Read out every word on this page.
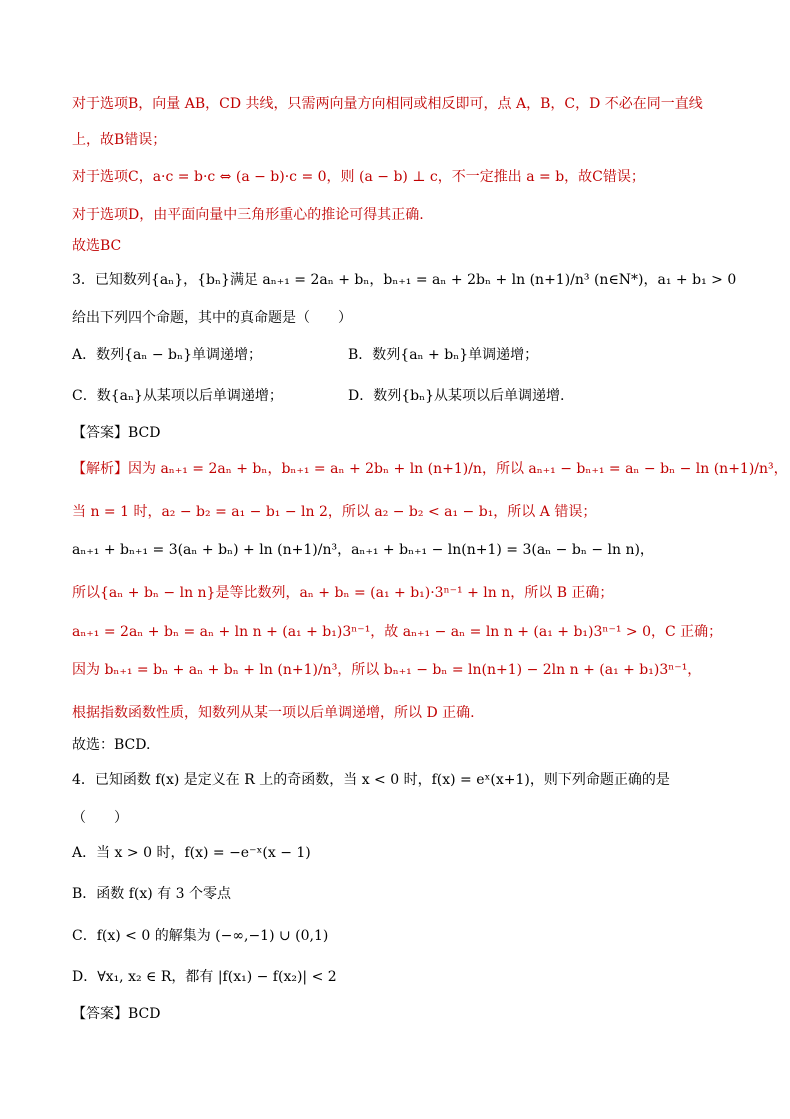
对于选项B，向量 AB，CD 共线，只需两向量方向相同或相反即可，点 A，B，C，D 不必在同一直线
上，故B错误；
对于选项C，a·c = b·c ⇔ (a − b)·c = 0，则 (a − b) ⊥ c，不一定推出 a = b，故C错误；
对于选项D，由平面向量中三角形重心的推论可得其正确.
故选BC
3．已知数列{aₙ}，{bₙ}满足 aₙ₊₁ = 2aₙ + bₙ，bₙ₊₁ = aₙ + 2bₙ + ln (n+1)/n³ (n∈N*)，a₁ + b₁ > 0
给出下列四个命题，其中的真命题是（　　）
A．数列{aₙ − bₙ}单调递增；	B．数列{aₙ + bₙ}单调递增；
C．数{aₙ}从某项以后单调递增；	D．数列{bₙ}从某项以后单调递增.
【答案】BCD
【解析】因为 aₙ₊₁ = 2aₙ + bₙ，bₙ₊₁ = aₙ + 2bₙ + ln (n+1)/n，所以 aₙ₊₁ − bₙ₊₁ = aₙ − bₙ − ln (n+1)/n³，
当 n = 1 时，a₂ − b₂ = a₁ − b₁ − ln 2，所以 a₂ − b₂ < a₁ − b₁，所以 A 错误；
aₙ₊₁ + bₙ₊₁ = 3(aₙ + bₙ) + ln (n+1)/n³，aₙ₊₁ + bₙ₊₁ − ln(n+1) = 3(aₙ − bₙ − ln n)，
所以{aₙ + bₙ − ln n}是等比数列，aₙ + bₙ = (a₁ + b₁)·3ⁿ⁻¹ + ln n，所以 B 正确；
aₙ₊₁ = 2aₙ + bₙ = aₙ + ln n + (a₁ + b₁)3ⁿ⁻¹，故 aₙ₊₁ − aₙ = ln n + (a₁ + b₁)3ⁿ⁻¹ > 0，C 正确；
因为 bₙ₊₁ = bₙ + aₙ + bₙ + ln (n+1)/n³，所以 bₙ₊₁ − bₙ = ln(n+1) − 2ln n + (a₁ + b₁)3ⁿ⁻¹，
根据指数函数性质，知数列从某一项以后单调递增，所以 D 正确.
故选：BCD.
4．已知函数 f(x) 是定义在 R 上的奇函数，当 x < 0 时，f(x) = eˣ(x+1)，则下列命题正确的是
（　　）
A．当 x > 0 时，f(x) = −e⁻ˣ(x − 1)
B．函数 f(x) 有 3 个零点
C．f(x) < 0 的解集为 (−∞,−1) ∪ (0,1)
D．∀x₁, x₂ ∈ R，都有 |f(x₁) − f(x₂)| < 2
【答案】BCD
